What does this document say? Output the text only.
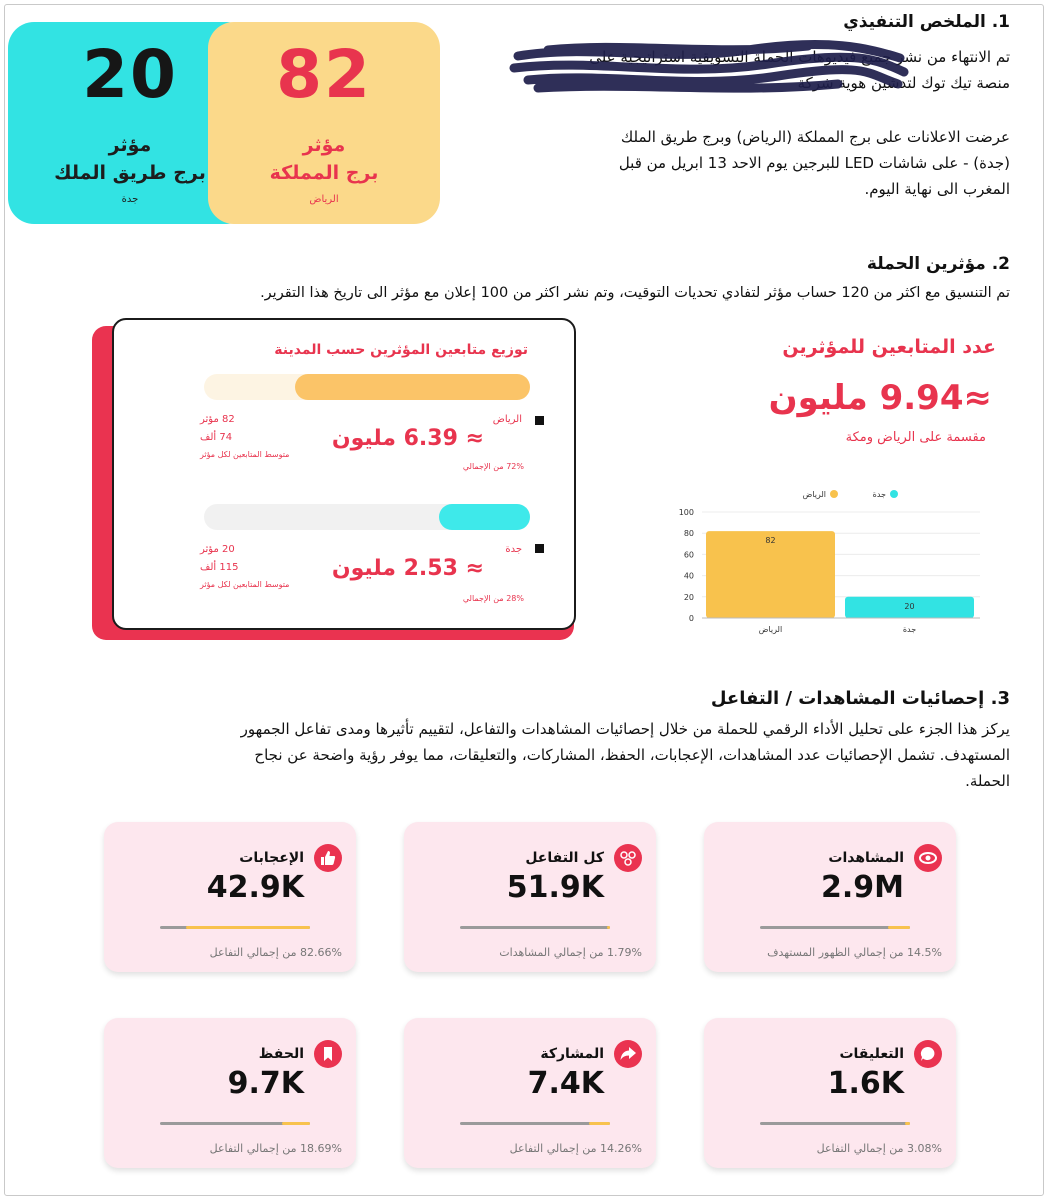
20
مؤثر
برج طريق الملك
جدة
82
مؤثر
برج المملكة
الرياض
1. الملخص التنفيذي
تم الانتهاء من نشر جميع فيديوهات الحملة التسويقية استراتيجية على
منصة تيك توك لتدشين هوية شركة
عرضت الاعلانات على برج المملكة (الرياض) وبرج طريق الملك
(جدة) - على شاشات LED للبرجين يوم الاحد 13 ابريل من قبل
المغرب الى نهاية اليوم.
2. مؤثرين الحملة
تم التنسيق مع اكثر من 120 حساب مؤثر لتفادي تحديات التوقيت، وتم نشر اكثر من 100 إعلان مع مؤثر الى تاريخ هذا التقرير.
توزيع متابعين المؤثرين حسب المدينة
الرياض
≈ 6.39 مليون
72% من الإجمالي
82 مؤثر
74 ألف
متوسط المتابعين لكل مؤثر
جدة
≈ 2.53 مليون
28% من الإجمالي
20 مؤثر
115 ألف
متوسط المتابعين لكل مؤثر
عدد المتابعين للمؤثرين
≈9.94 مليون
مقسمة على الرياض ومكة
0
20
40
60
80
100
82
الرياض
20
جدة
الرياض	جدة
3. إحصائيات المشاهدات / التفاعل
يركز هذا الجزء على تحليل الأداء الرقمي للحملة من خلال إحصائيات المشاهدات والتفاعل، لتقييم تأثيرها ومدى تفاعل الجمهور
المستهدف. تشمل الإحصائيات عدد المشاهدات، الإعجابات، الحفظ، المشاركات، والتعليقات، مما يوفر رؤية واضحة عن نجاح
الحملة.
المشاهدات
2.9M
14.5% من إجمالي الظهور المستهدف
كل التفاعل
51.9K
1.79% من إجمالي المشاهدات
الإعجابات
42.9K
82.66% من إجمالي التفاعل
التعليقات
1.6K
3.08% من إجمالي التفاعل
المشاركة
7.4K
14.26% من إجمالي التفاعل
الحفظ
9.7K
18.69% من إجمالي التفاعل
